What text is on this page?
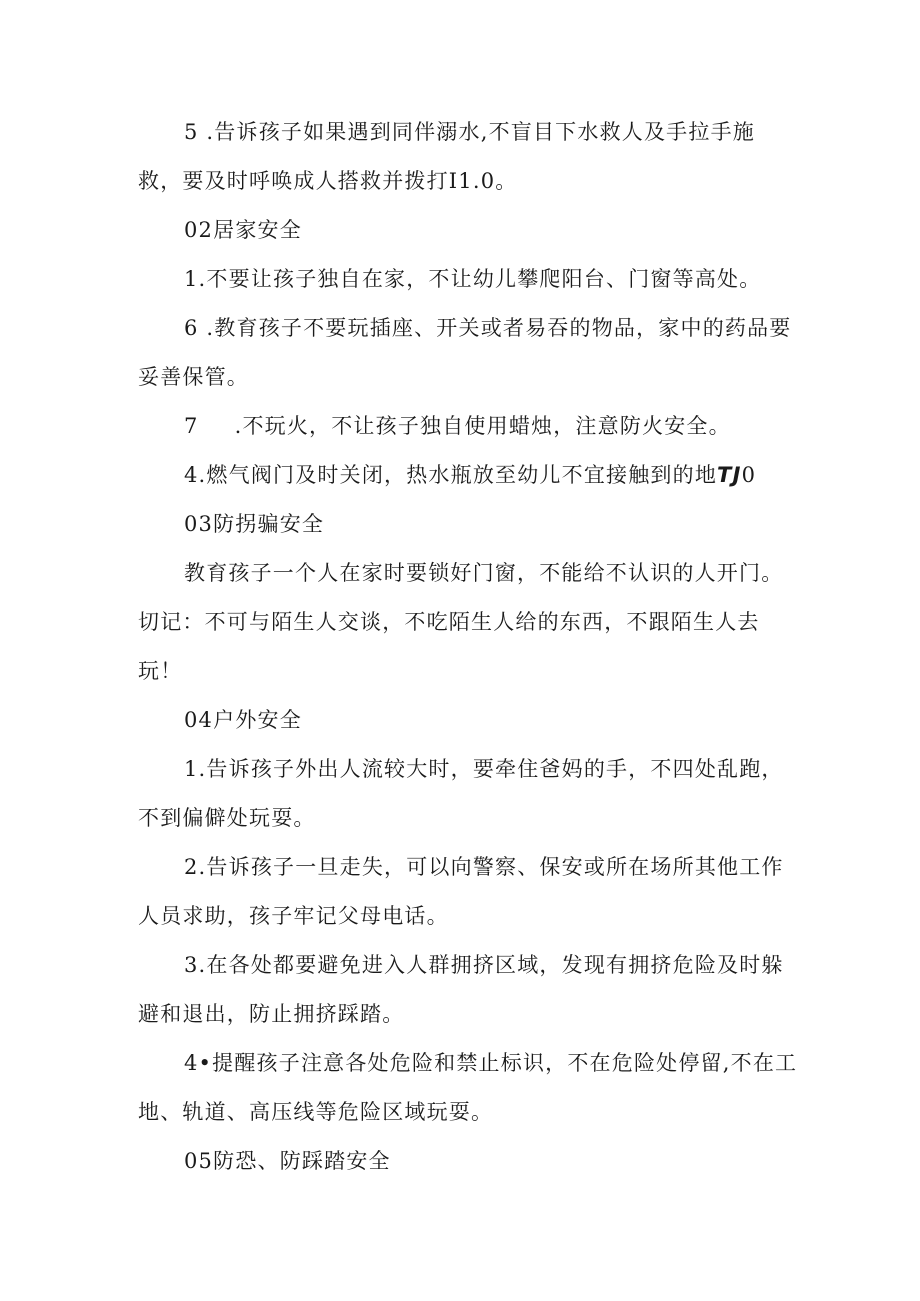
5 .告诉孩子如果遇到同伴溺水,不盲目下水救人及手拉手施救，要及时呼唤成人搭救并拨打I1.0。

02居家安全

1.不要让孩子独自在家，不让幼儿攀爬阳台、门窗等高处。

6 .教育孩子不要玩插座、开关或者易吞的物品，家中的药品要妥善保管。

7 .不玩火，不让孩子独自使用蜡烛，注意防火安全。

4.燃气阀门及时关闭，热水瓶放至幼儿不宜接触到的地TJ0

03防拐骗安全

教育孩子一个人在家时要锁好门窗，不能给不认识的人开门。切记：不可与陌生人交谈，不吃陌生人给的东西，不跟陌生人去玩！

04户外安全

1.告诉孩子外出人流较大时，要牵住爸妈的手，不四处乱跑，不到偏僻处玩耍。

2.告诉孩子一旦走失，可以向警察、保安或所在场所其他工作人员求助，孩子牢记父母电话。

3.在各处都要避免进入人群拥挤区域，发现有拥挤危险及时躲避和退出，防止拥挤踩踏。

4•提醒孩子注意各处危险和禁止标识，不在危险处停留,不在工地、轨道、高压线等危险区域玩耍。

05防恐、防踩踏安全
